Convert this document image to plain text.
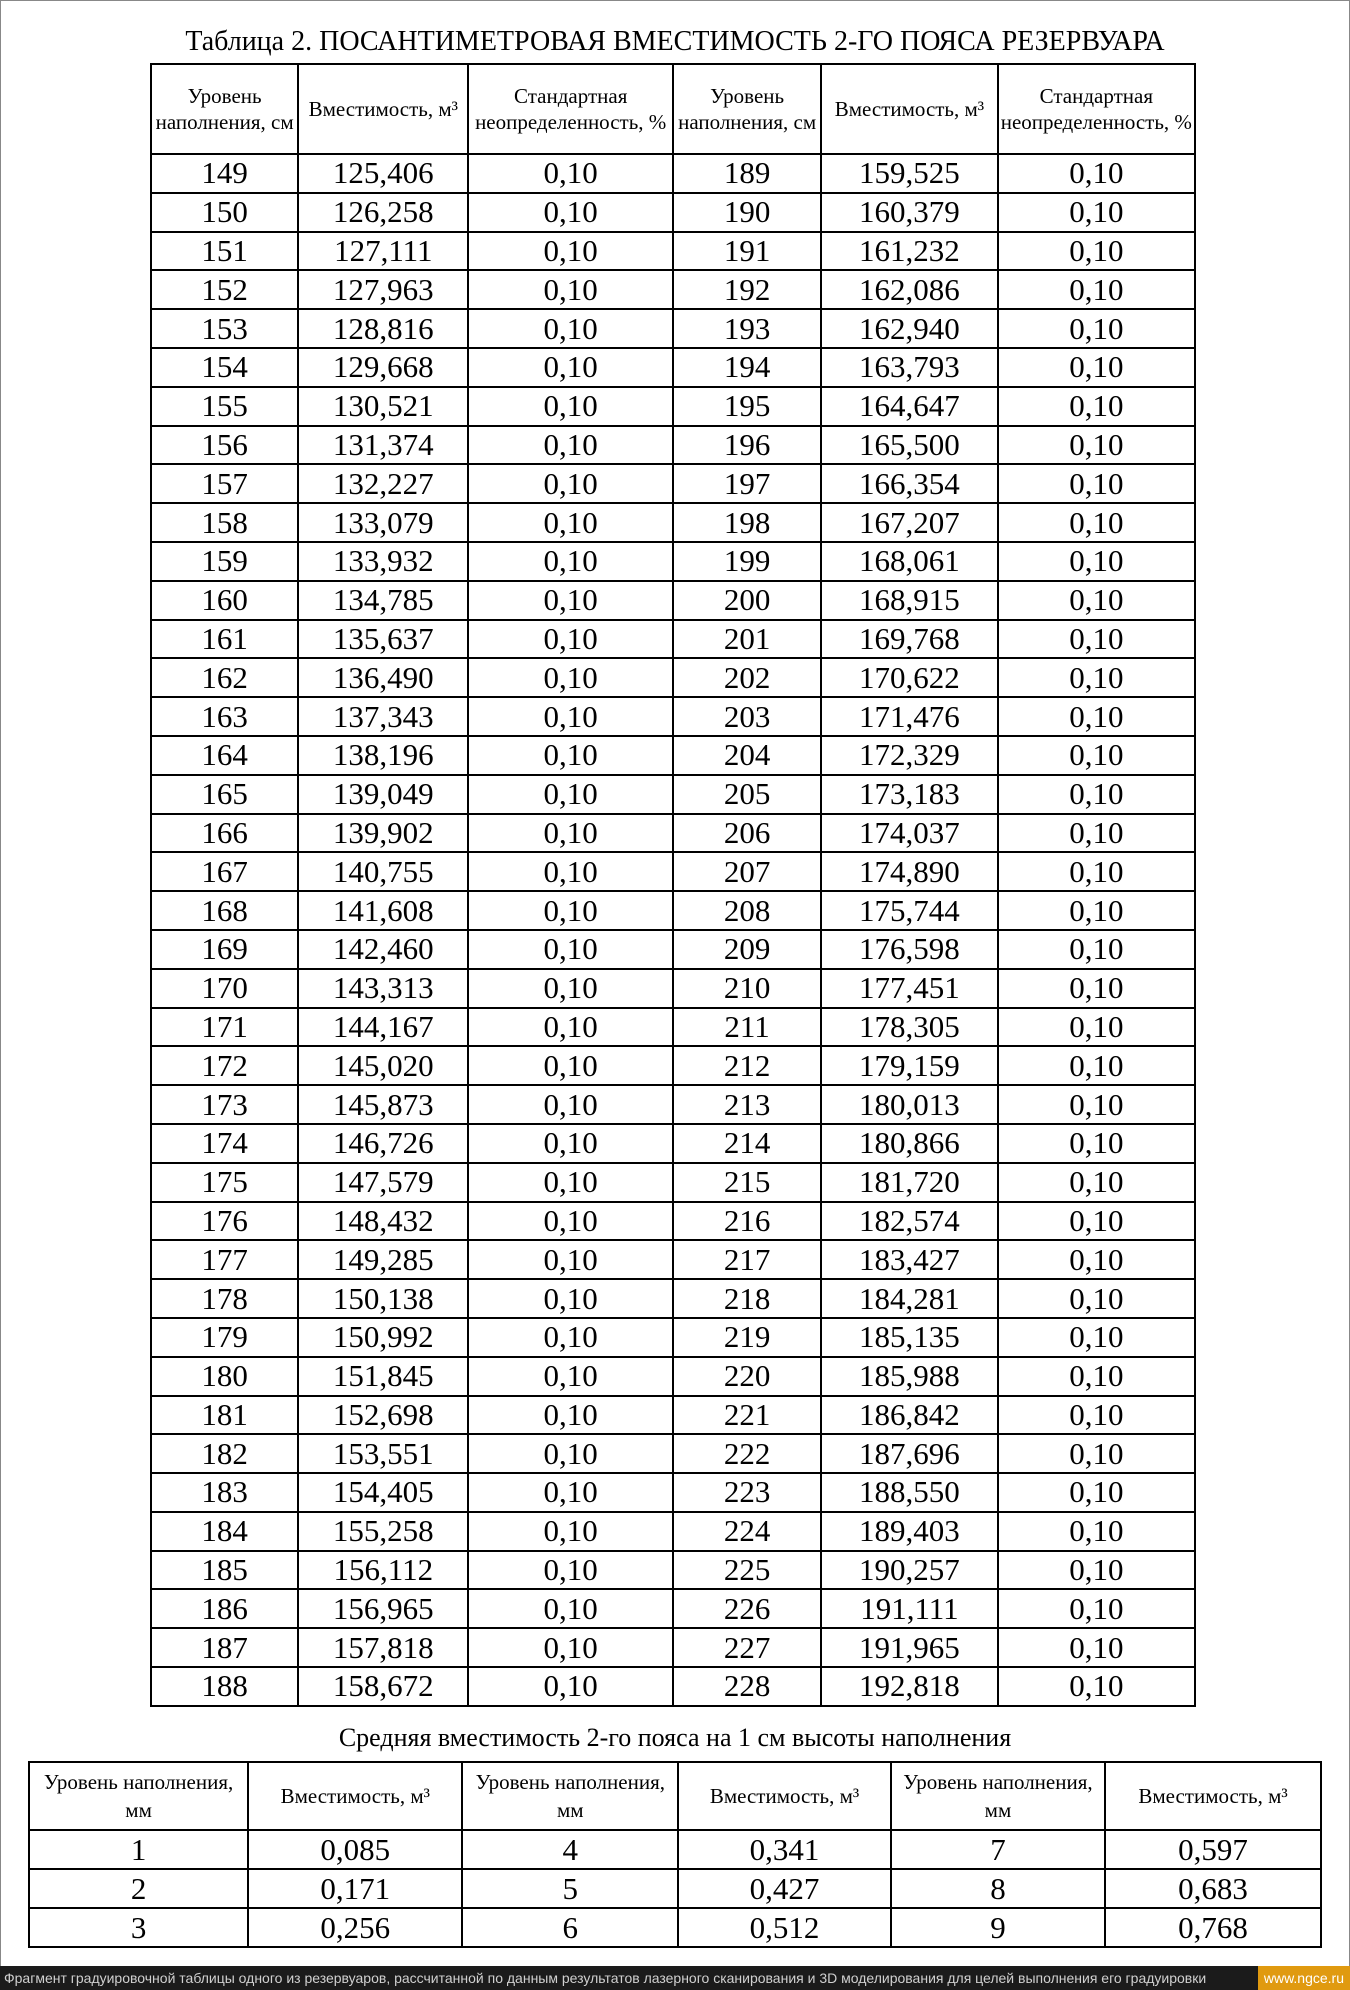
Таблица 2. ПОСАНТИМЕТРОВАЯ ВМЕСТИМОСТЬ 2-ГО ПОЯСА РЕЗЕРВУАРА
Уровень наполнения, см	Вместимость, м³	Стандартная неопределенность, %	Уровень наполнения, см	Вместимость, м³	Стандартная неопределенность, %
149	125,406	0,10	189	159,525	0,10
150	126,258	0,10	190	160,379	0,10
151	127,111	0,10	191	161,232	0,10
152	127,963	0,10	192	162,086	0,10
153	128,816	0,10	193	162,940	0,10
154	129,668	0,10	194	163,793	0,10
155	130,521	0,10	195	164,647	0,10
156	131,374	0,10	196	165,500	0,10
157	132,227	0,10	197	166,354	0,10
158	133,079	0,10	198	167,207	0,10
159	133,932	0,10	199	168,061	0,10
160	134,785	0,10	200	168,915	0,10
161	135,637	0,10	201	169,768	0,10
162	136,490	0,10	202	170,622	0,10
163	137,343	0,10	203	171,476	0,10
164	138,196	0,10	204	172,329	0,10
165	139,049	0,10	205	173,183	0,10
166	139,902	0,10	206	174,037	0,10
167	140,755	0,10	207	174,890	0,10
168	141,608	0,10	208	175,744	0,10
169	142,460	0,10	209	176,598	0,10
170	143,313	0,10	210	177,451	0,10
171	144,167	0,10	211	178,305	0,10
172	145,020	0,10	212	179,159	0,10
173	145,873	0,10	213	180,013	0,10
174	146,726	0,10	214	180,866	0,10
175	147,579	0,10	215	181,720	0,10
176	148,432	0,10	216	182,574	0,10
177	149,285	0,10	217	183,427	0,10
178	150,138	0,10	218	184,281	0,10
179	150,992	0,10	219	185,135	0,10
180	151,845	0,10	220	185,988	0,10
181	152,698	0,10	221	186,842	0,10
182	153,551	0,10	222	187,696	0,10
183	154,405	0,10	223	188,550	0,10
184	155,258	0,10	224	189,403	0,10
185	156,112	0,10	225	190,257	0,10
186	156,965	0,10	226	191,111	0,10
187	157,818	0,10	227	191,965	0,10
188	158,672	0,10	228	192,818	0,10
Средняя вместимость 2-го пояса на 1 см высоты наполнения
Уровень наполнения, мм	Вместимость, м³	Уровень наполнения, мм	Вместимость, м³	Уровень наполнения, мм	Вместимость, м³
1	0,085	4	0,341	7	0,597
2	0,171	5	0,427	8	0,683
3	0,256	6	0,512	9	0,768
Фрагмент градуировочной таблицы одного из резервуаров, рассчитанной по данным результатов лазерного сканирования и 3D моделирования для целей выполнения его градуировки	www.ngce.ru
